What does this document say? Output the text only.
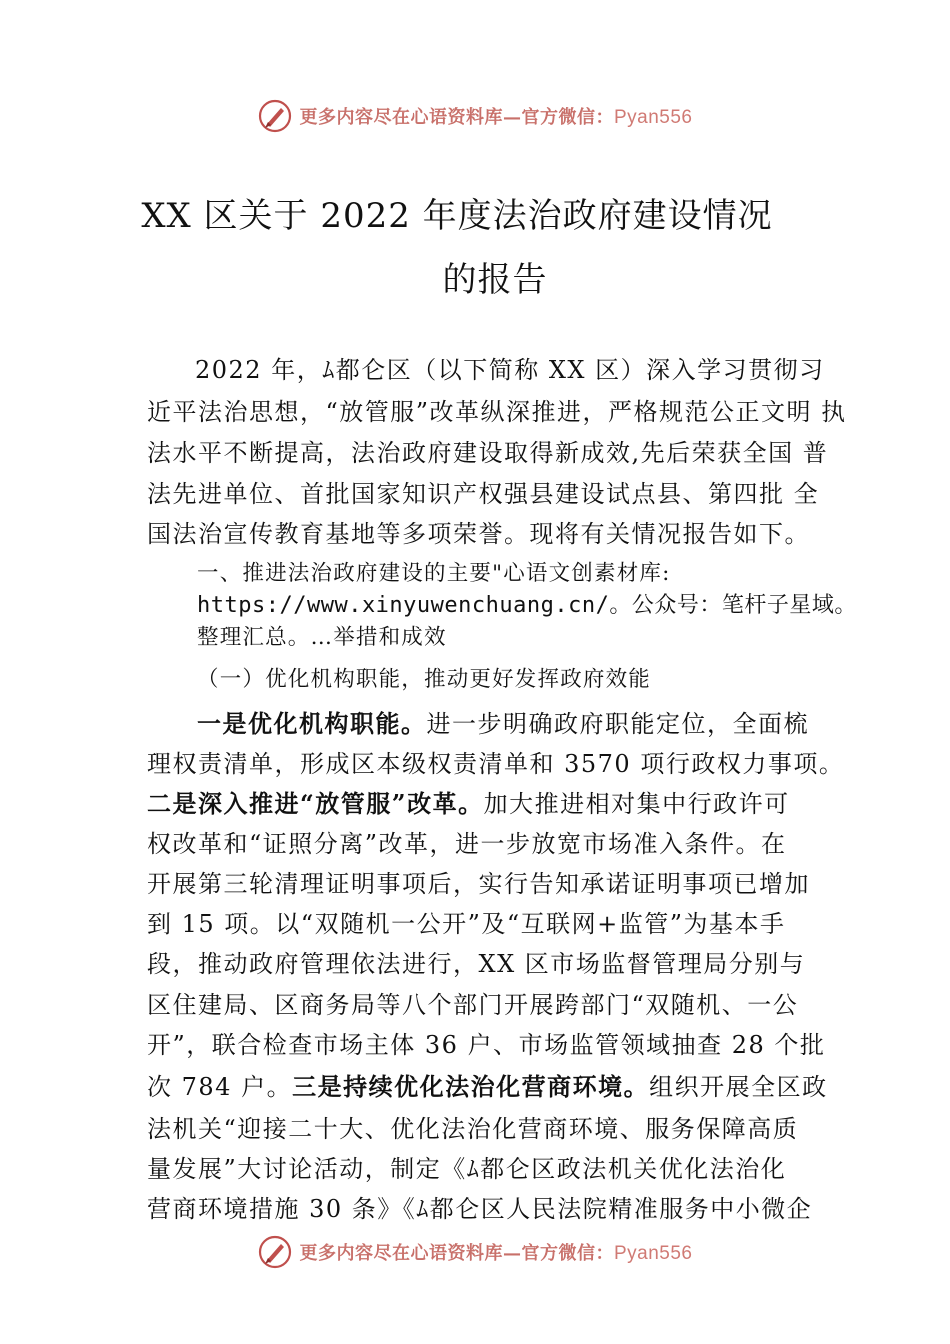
更多内容尽在心语资料库—官方微信：Pyan556
XX 区关于 2022 年度法治政府建设情况
的报告
2022 年，ﾑ都仑区（以下简称 XX 区）深入学习贯彻习
近平法治思想，“放管服”改革纵深推进，严格规范公正文明 执
法水平不断提高，法治政府建设取得新成效,先后荣获全国 普
法先进单位、首批国家知识产权强县建设试点县、第四批 全
国法治宣传教育基地等多项荣誉。现将有关情况报告如下。
一、推进法治政府建设的主要"心语文创素材库:
https://www.xinyuwenchuang.cn/。公众号：笔杆子星域。
整理汇总。…举措和成效
（一）优化机构职能，推动更好发挥政府效能
一是优化机构职能。进一步明确政府职能定位，全面梳
理权责清单，形成区本级权责清单和 3570 项行政权力事项。
二是深入推进“放管服”改革。加大推进相对集中行政许可
权改革和“证照分离”改革，进一步放宽市场准入条件。在
开展第三轮清理证明事项后，实行告知承诺证明事项已增加
到 15 项。以“双随机一公开”及“互联网+监管”为基本手
段，推动政府管理依法进行，XX 区市场监督管理局分别与
区住建局、区商务局等八个部门开展跨部门“双随机、一公
开”，联合检查市场主体 36 户、市场监管领域抽查 28 个批
次 784 户。三是持续优化法治化营商环境。组织开展全区政
法机关“迎接二十大、优化法治化营商环境、服务保障高质
量发展”大讨论活动，制定《ﾑ都仑区政法机关优化法治化
营商环境措施 30 条》《ﾑ都仑区人民法院精准服务中小微企
更多内容尽在心语资料库—官方微信：Pyan556
